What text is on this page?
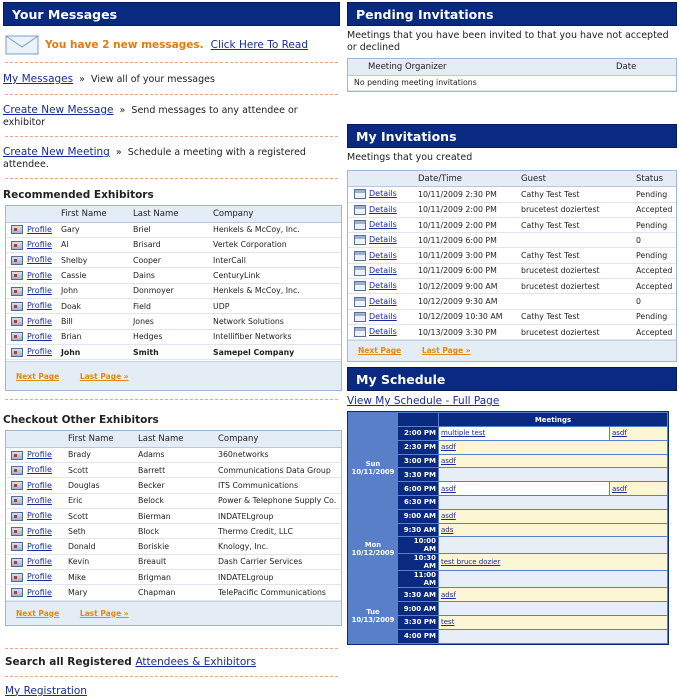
Your Messages
You have 2 new messages. Click Here To Read
My Messages  »  View all of your messages
Create New Message  »  Send messages to any attendee or exhibitor
Create New Meeting  »  Schedule a meeting with a registered attendee.
Recommended Exhibitors
	First Name	Last Name	Company
Profile	Gary	Briel	Henkels & McCoy, Inc.
Profile	Al	Brisard	Vertek Corporation
Profile	Shelby	Cooper	InterCall
Profile	Cassie	Dains	CenturyLink
Profile	John	Donmoyer	Henkels & McCoy, Inc.
Profile	Doak	Field	UDP
Profile	Bill	Jones	Network Solutions
Profile	Brian	Hedges	Intellifiber Networks
Profile	John	Smith	Samepel Company
Next Page	Last Page »
Checkout Other Exhibitors
	First Name	Last Name	Company
Profile	Brady	Adams	360networks
Profile	Scott	Barrett	Communications Data Group
Profile	Douglas	Becker	ITS Communications
Profile	Eric	Belock	Power & Telephone Supply Co.
Profile	Scott	Bierman	INDATELgroup
Profile	Seth	Block	Thermo Credit, LLC
Profile	Donald	Boriskie	Knology, Inc.
Profile	Kevin	Breault	Dash Carrier Services
Profile	Mike	Brigman	INDATELgroup
Profile	Mary	Chapman	TelePacific Communications
Next Page	Last Page »
Search all Registered Attendees & Exhibitors
My Registration
Pending Invitations
Meetings that you have been invited to that you have not accepted or declined
Meeting Organizer	Date
No pending meeting invitations
My Invitations
Meetings that you created
	Date/Time	Guest	Status
Details	10/11/2009 2:30 PM	Cathy Test Test	Pending
Details	10/11/2009 2:00 PM	brucetest doziertest	Accepted
Details	10/11/2009 2:00 PM	Cathy Test Test	Pending
Details	10/11/2009 6:00 PM		0
Details	10/11/2009 3:00 PM	Cathy Test Test	Pending
Details	10/11/2009 6:00 PM	brucetest doziertest	Accepted
Details	10/12/2009 9:00 AM	brucetest doziertest	Accepted
Details	10/12/2009 9:30 AM		0
Details	10/12/2009 10:30 AM	Cathy Test Test	Pending
Details	10/13/2009 3:30 PM	brucetest doziertest	Accepted
Next Page	Last Page »
My Schedule
View My Schedule - Full Page
		Meetings	
Sun 10/11/2009	2:00 PM	multiple test	asdf
	2:30 PM	asdf	
	3:00 PM	asdf	
	3:30 PM		
	6:00 PM	asdf	asdf
	6:30 PM		
Mon 10/12/2009	9:00 AM	asdf	
	9:30 AM	ads	
	10:00 AM		
	10:30 AM	test bruce dozier	
	11:00 AM		
Tue 10/13/2009	3:30 AM	adsf	
	9:00 AM		
	3:30 PM	test	
	4:00 PM		
